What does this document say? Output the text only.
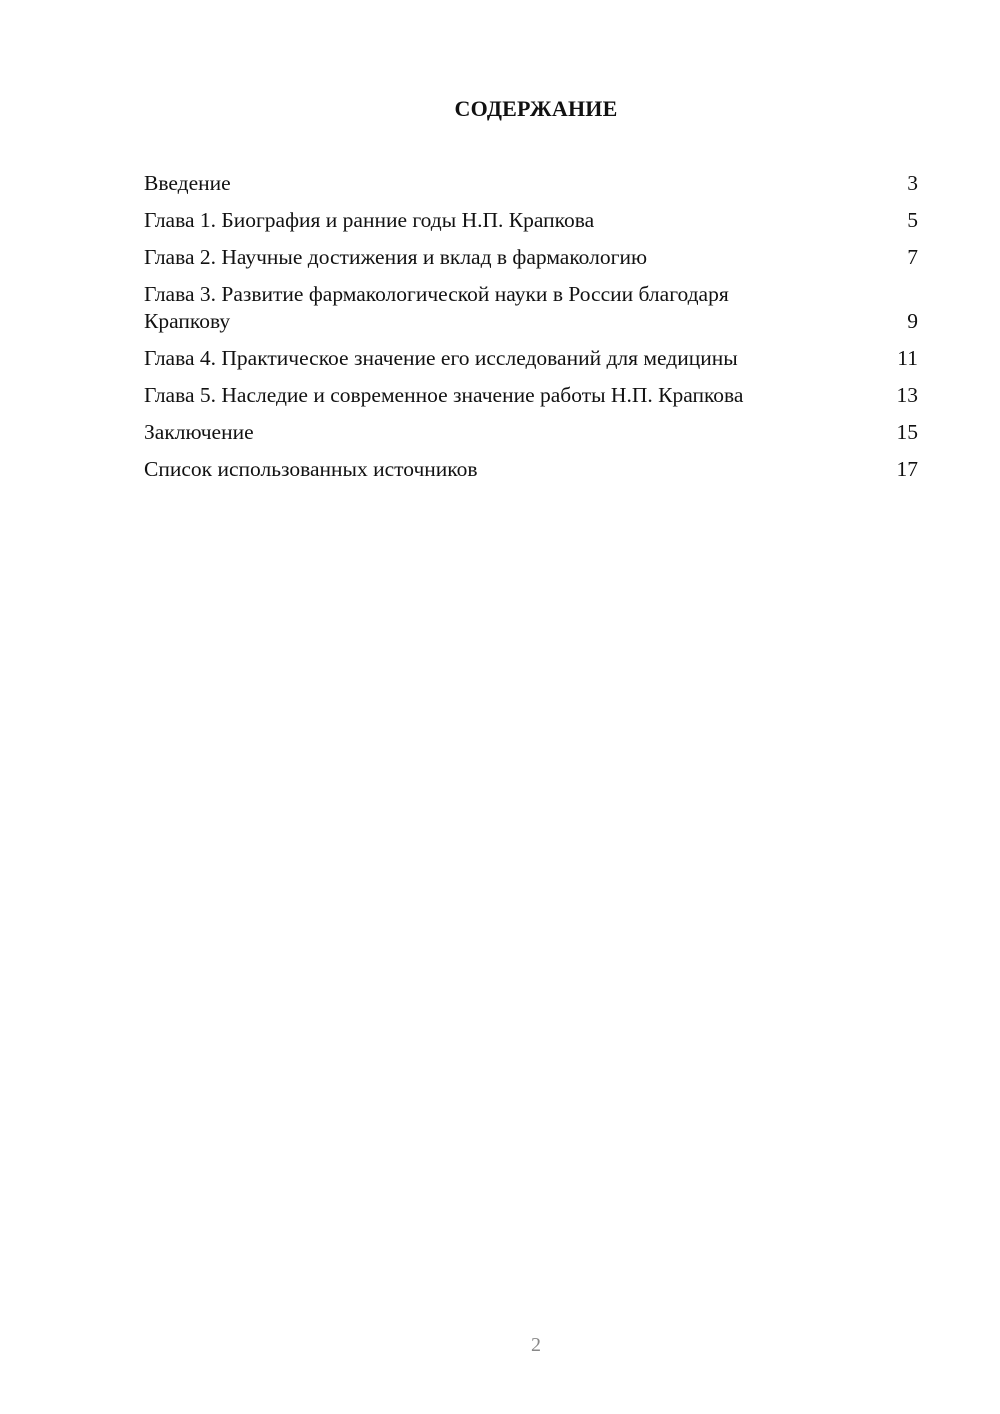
СОДЕРЖАНИЕ
Введение	3
Глава 1. Биография и ранние годы Н.П. Крапкова	5
Глава 2. Научные достижения и вклад в фармакологию	7
Глава 3. Развитие фармакологической науки в России благодаря Крапкову	9
Глава 4. Практическое значение его исследований для медицины	11
Глава 5. Наследие и современное значение работы Н.П. Крапкова	13
Заключение	15
Список использованных источников	17
2
